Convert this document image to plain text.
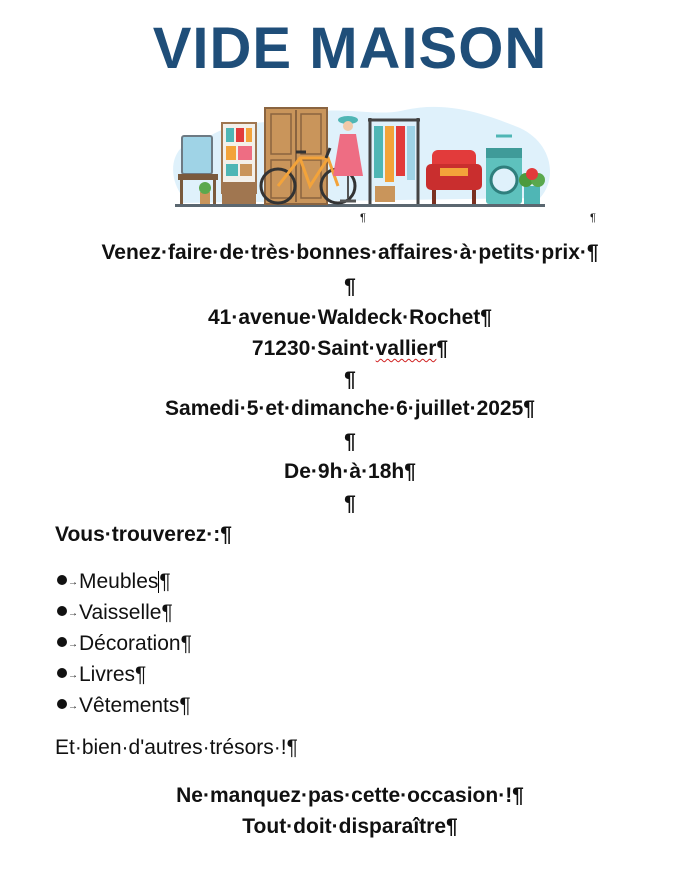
VIDE MAISON
¶	¶
Venez·faire·de·très·bonnes·affaires·à·petits·prix·¶
¶
41·avenue·Waldeck·Rochet¶
71230·Saint·vallier¶
¶
Samedi·5·et·dimanche·6·juillet·2025¶
¶
De·9h·à·18h¶
¶
Vous·trouverez·:¶
→Meubles¶
→Vaisselle¶
→Décoration¶
→Livres¶
→Vêtements¶
Et·bien·d'autres·trésors·!¶
Ne·manquez·pas·cette·occasion·!¶
Tout·doit·disparaître¶
